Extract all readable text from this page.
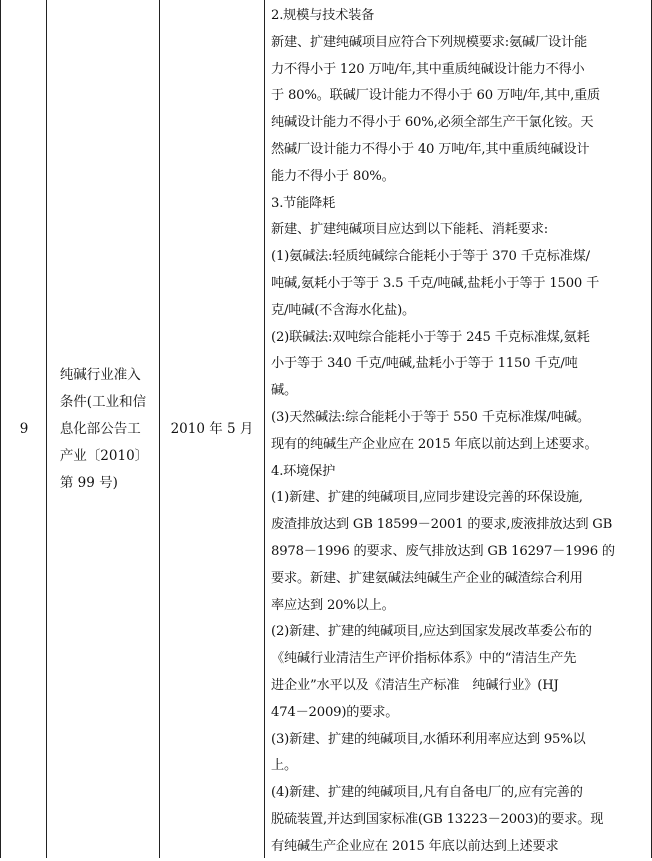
9
纯碱行业准入
条件(工业和信
息化部公告工
产业〔2010〕
第 99 号)
2010 年 5 月
2.规模与技术装备
新建、扩建纯碱项目应符合下列规模要求:氨碱厂设计能
力不得小于 120 万吨/年,其中重质纯碱设计能力不得小
于 80%。联碱厂设计能力不得小于 60 万吨/年,其中,重质
纯碱设计能力不得小于 60%,必须全部生产干氯化铵。天
然碱厂设计能力不得小于 40 万吨/年,其中重质纯碱设计
能力不得小于 80%。
3.节能降耗
新建、扩建纯碱项目应达到以下能耗、消耗要求:
(1)氨碱法:轻质纯碱综合能耗小于等于 370 千克标准煤/
吨碱,氨耗小于等于 3.5 千克/吨碱,盐耗小于等于 1500 千
克/吨碱(不含海水化盐)。
(2)联碱法:双吨综合能耗小于等于 245 千克标准煤,氨耗
小于等于 340 千克/吨碱,盐耗小于等于 1150 千克/吨
碱。
(3)天然碱法:综合能耗小于等于 550 千克标准煤/吨碱。
现有的纯碱生产企业应在 2015 年底以前达到上述要求。
4.环境保护
(1)新建、扩建的纯碱项目,应同步建设完善的环保设施,
废渣排放达到 GB 18599－2001 的要求,废液排放达到 GB
8978－1996 的要求、废气排放达到 GB 16297－1996 的
要求。新建、扩建氨碱法纯碱生产企业的碱渣综合利用
率应达到 20%以上。
(2)新建、扩建的纯碱项目,应达到国家发展改革委公布的
《纯碱行业清洁生产评价指标体系》中的“清洁生产先
进企业”水平以及《清洁生产标准　纯碱行业》(HJ
474－2009)的要求。
(3)新建、扩建的纯碱项目,水循环利用率应达到 95%以
上。
(4)新建、扩建的纯碱项目,凡有自备电厂的,应有完善的
脱硫装置,并达到国家标准(GB 13223－2003)的要求。现
有纯碱生产企业应在 2015 年底以前达到上述要求
